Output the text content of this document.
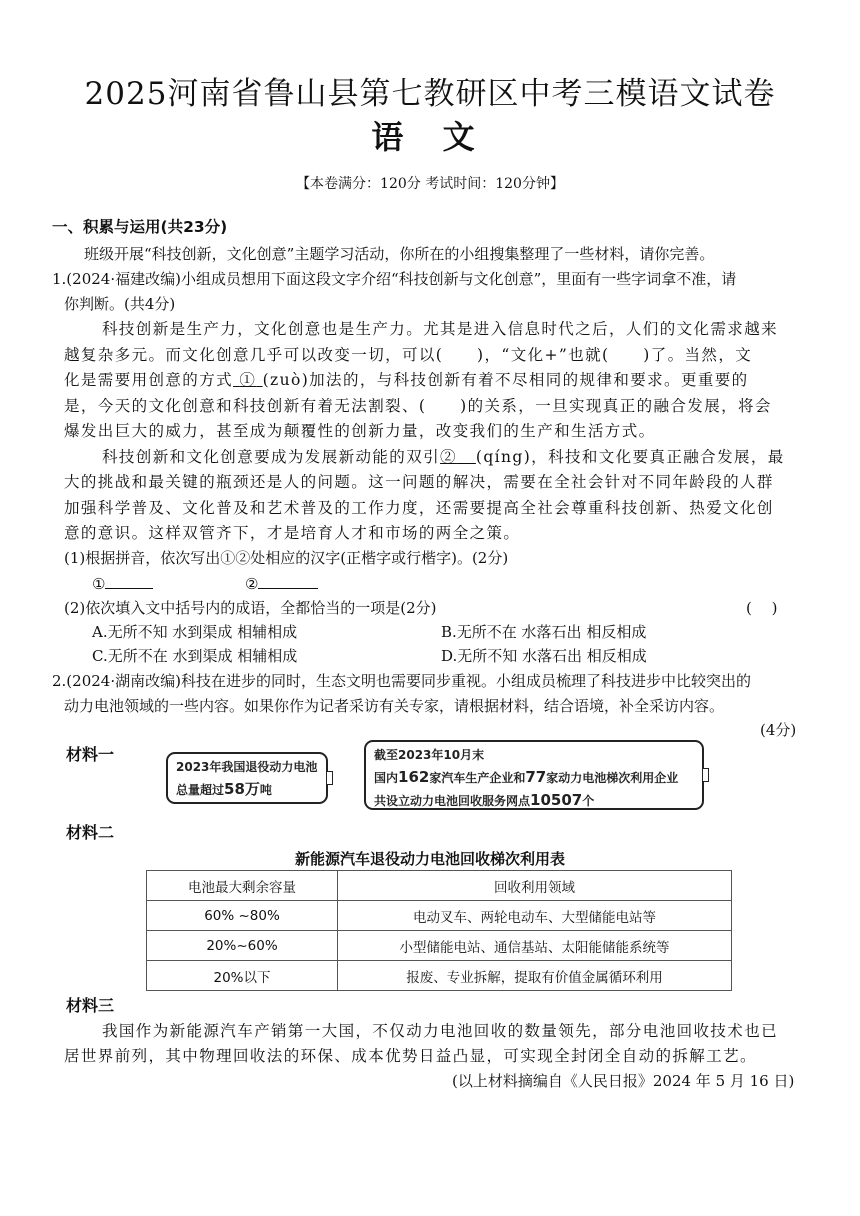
2025河南省鲁山县第七教研区中考三模语文试卷
语 文
【本卷满分：120分 考试时间：120分钟】
一、积累与运用(共23分)
班级开展“科技创新，文化创意”主题学习活动，你所在的小组搜集整理了一些材料，请你完善。
1.(2024·福建改编)小组成员想用下面这段文字介绍“科技创新与文化创意”，里面有一些字词拿不准，请
你判断。(共4分)
科技创新是生产力，文化创意也是生产力。尤其是进入信息时代之后，人们的文化需求越来
越复杂多元。而文化创意几乎可以改变一切，可以(　　)，“文化+”也就(　　)了。当然，文
化是需要用创意的方式 ① (zuò)加法的，与科技创新有着不尽相同的规律和要求。更重要的
是，今天的文化创意和科技创新有着无法割裂、(　　)的关系，一旦实现真正的融合发展，将会
爆发出巨大的威力，甚至成为颠覆性的创新力量，改变我们的生产和生活方式。
科技创新和文化创意要成为发展新动能的双引② (qíng)，科技和文化要真正融合发展，最
大的挑战和最关键的瓶颈还是人的问题。这一问题的解决，需要在全社会针对不同年龄段的人群
加强科学普及、文化普及和艺术普及的工作力度，还需要提高全社会尊重科技创新、热爱文化创
意的意识。这样双管齐下，才是培育人才和市场的两全之策。
(1)根据拼音，依次写出①②处相应的汉字(正楷字或行楷字)。(2分)
①	②
(2)依次填入文中括号内的成语，全都恰当的一项是(2分)	(　 )
A.无所不知 水到渠成 相辅相成	B.无所不在 水落石出 相反相成
C.无所不在 水到渠成 相辅相成	D.无所不知 水落石出 相反相成
2.(2024·湖南改编)科技在进步的同时，生态文明也需要同步重视。小组成员梳理了科技进步中比较突出的
动力电池领域的一些内容。如果你作为记者采访有关专家，请根据材料，结合语境，补全采访内容。
(4分)
材料一
2023年我国退役动力电池
总量超过58万吨
截至2023年10月末
国内162家汽车生产企业和77家动力电池梯次利用企业
共设立动力电池回收服务网点10507个
材料二
新能源汽车退役动力电池回收梯次利用表
电池最大剩余容量	回收利用领域
60% ~80%	电动叉车、两轮电动车、大型储能电站等
20%~60%	小型储能电站、通信基站、太阳能储能系统等
20%以下	报废、专业拆解，提取有价值金属循环利用
材料三
我国作为新能源汽车产销第一大国，不仅动力电池回收的数量领先，部分电池回收技术也已
居世界前列，其中物理回收法的环保、成本优势日益凸显，可实现全封闭全自动的拆解工艺。
(以上材料摘编自《人民日报》2024 年 5 月 16 日)
